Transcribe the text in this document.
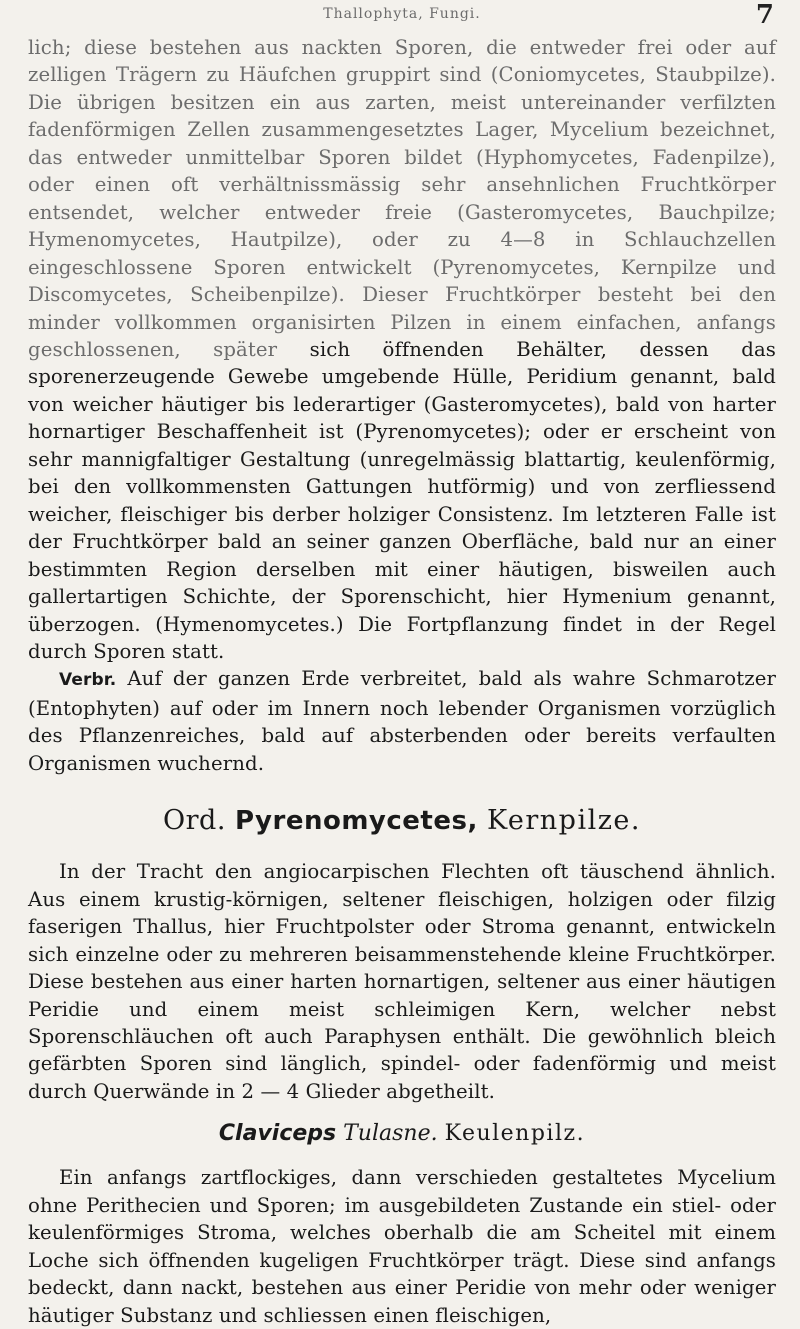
Thallophyta, Fungi.	7

lich; diese bestehen aus nackten Sporen, die entweder frei oder auf zelligen Trägern zu Häufchen gruppirt sind (Coniomycetes, Staubpilze). Die übrigen besitzen ein aus zarten, meist untereinander verfilzten fadenförmigen Zellen zusammengesetztes Lager, Mycelium bezeichnet, das entweder unmittelbar Sporen bildet (Hyphomycetes, Fadenpilze), oder einen oft verhältnissmässig sehr ansehnlichen Fruchtkörper entsendet, welcher entweder freie (Gasteromycetes, Bauchpilze; Hymenomycetes, Hautpilze), oder zu 4—8 in Schlauchzellen eingeschlossene Sporen entwickelt (Pyrenomycetes, Kernpilze und Discomycetes, Scheibenpilze). Dieser Fruchtkörper besteht bei den minder vollkommen organisirten Pilzen in einem einfachen, anfangs geschlossenen, später sich öffnenden Behälter, dessen das sporenerzeugende Gewebe umgebende Hülle, Peridium genannt, bald von weicher häutiger bis lederartiger (Gasteromycetes), bald von harter hornartiger Beschaffenheit ist (Pyrenomycetes); oder er erscheint von sehr mannigfaltiger Gestaltung (unregelmässig blattartig, keulenförmig, bei den vollkommensten Gattungen hutförmig) und von zerfliessend weicher, fleischiger bis derber holziger Consistenz. Im letzteren Falle ist der Fruchtkörper bald an seiner ganzen Oberfläche, bald nur an einer bestimmten Region derselben mit einer häutigen, bisweilen auch gallertartigen Schichte, der Sporenschicht, hier Hymenium genannt, überzogen. (Hymenomycetes.) Die Fortpflanzung findet in der Regel durch Sporen statt.

Verbr. Auf der ganzen Erde verbreitet, bald als wahre Schmarotzer (Entophyten) auf oder im Innern noch lebender Organismen vorzüglich des Pflanzenreiches, bald auf absterbenden oder bereits verfaulten Organismen wuchernd.

Ord. Pyrenomycetes, Kernpilze.

In der Tracht den angiocarpischen Flechten oft täuschend ähnlich. Aus einem krustig-körnigen, seltener fleischigen, holzigen oder filzig faserigen Thallus, hier Fruchtpolster oder Stroma genannt, entwickeln sich einzelne oder zu mehreren beisammenstehende kleine Fruchtkörper. Diese bestehen aus einer harten hornartigen, seltener aus einer häutigen Peridie und einem meist schleimigen Kern, welcher nebst Sporenschläuchen oft auch Paraphysen enthält. Die gewöhnlich bleich gefärbten Sporen sind länglich, spindel- oder fadenförmig und meist durch Querwände in 2 — 4 Glieder abgetheilt.

Claviceps Tulasne. Keulenpilz.

Ein anfangs zartflockiges, dann verschieden gestaltetes Mycelium ohne Perithecien und Sporen; im ausgebildeten Zustande ein stiel- oder keulenförmiges Stroma, welches oberhalb die am Scheitel mit einem Loche sich öffnenden kugeligen Fruchtkörper trägt. Diese sind anfangs bedeckt, dann nackt, bestehen aus einer Peridie von mehr oder weniger häutiger Substanz und schliessen einen fleischigen,
